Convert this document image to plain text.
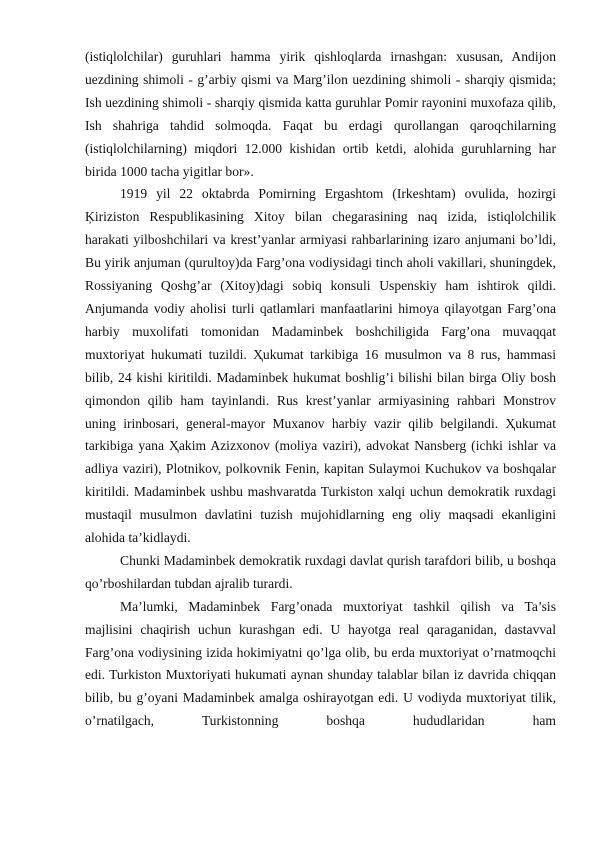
(istiqlolchilar) guruhlari hamma yirik qishloqlarda irnashgan: xususan, Andijon uezdining shimoli - g’arbiy qismi va Marg’ilon uezdining shimoli - sharqiy qismida; Ish uezdining shimoli - sharqiy qismida katta guruhlar Pomir rayonini muxofaza qilib, Ish shahriga tahdid solmoqda. Faqat bu erdagi qurollangan qaroqchilarning (istiqlolchilarning) miqdori 12.000 kishidan ortib ketdi, alohida guruhlarning har birida 1000 tacha yigitlar bor».

1919 yil 22 oktabrda Pomirning Ergashtom (Irkeshtam) ovulida, hozirgi Ķiriziston Respublikasining Xitoy bilan chegarasining naq izida, istiqlolchilik harakati yilboshchilari va krest’yanlar armiyasi rahbarlarining izaro anjumani bo’ldi, Bu yirik anjuman (qurultoy)da Farg’ona vodiysidagi tinch aholi vakillari, shuningdek, Rossiyaning Qoshg’ar (Xitoy)dagi sobiq konsuli Uspenskiy ham ishtirok qildi. Anjumanda vodiy aholisi turli qatlamlari manfaatlarini himoya qilayotgan Farg’ona harbiy muxolifati tomonidan Madaminbek boshchiligida Farg’ona muvaqqat muxtoriyat hukumati tuzildi. Ҳukumat tarkibiga 16 musulmon va 8 rus, hammasi bilib, 24 kishi kiritildi. Madaminbek hukumat boshlig’i bilishi bilan birga Oliy bosh qimondon qilib ham tayinlandi. Rus krest’yanlar armiyasining rahbari Monstrov uning irinbosari, general-mayor Muxanov harbiy vazir qilib belgilandi. Ҳukumat tarkibiga yana Ҳakim Azizxonov (moliya vaziri), advokat Nansberg (ichki ishlar va adliya vaziri), Plotnikov, polkovnik Fenin, kapitan Sulaymoi Kuchukov va boshqalar kiritildi. Madaminbek ushbu mashvaratda Turkiston xalqi uchun demokratik ruxdagi mustaqil musulmon davlatini tuzish mujohidlarning eng oliy maqsadi ekanligini alohida ta’kidlaydi.

Chunki Madaminbek demokratik ruxdagi davlat qurish tarafdori bilib, u boshqa qo’rboshilardan tubdan ajralib turardi.

Ma’lumki, Madaminbek Farg’onada muxtoriyat tashkil qilish va Ta’sis majlisini chaqirish uchun kurashgan edi. U hayotga real qaraganidan, dastavval Farg’ona vodiysining izida hokimiyatni qo’lga olib, bu erda muxtoriyat o’rnatmoqchi edi. Turkiston Muxtoriyati hukumati aynan shunday talablar bilan iz davrida chiqqan bilib, bu g’oyani Madaminbek amalga oshirayotgan edi. U vodiyda muxtoriyat tilik, o’rnatilgach, Turkistonning boshqa hududlaridan ham
